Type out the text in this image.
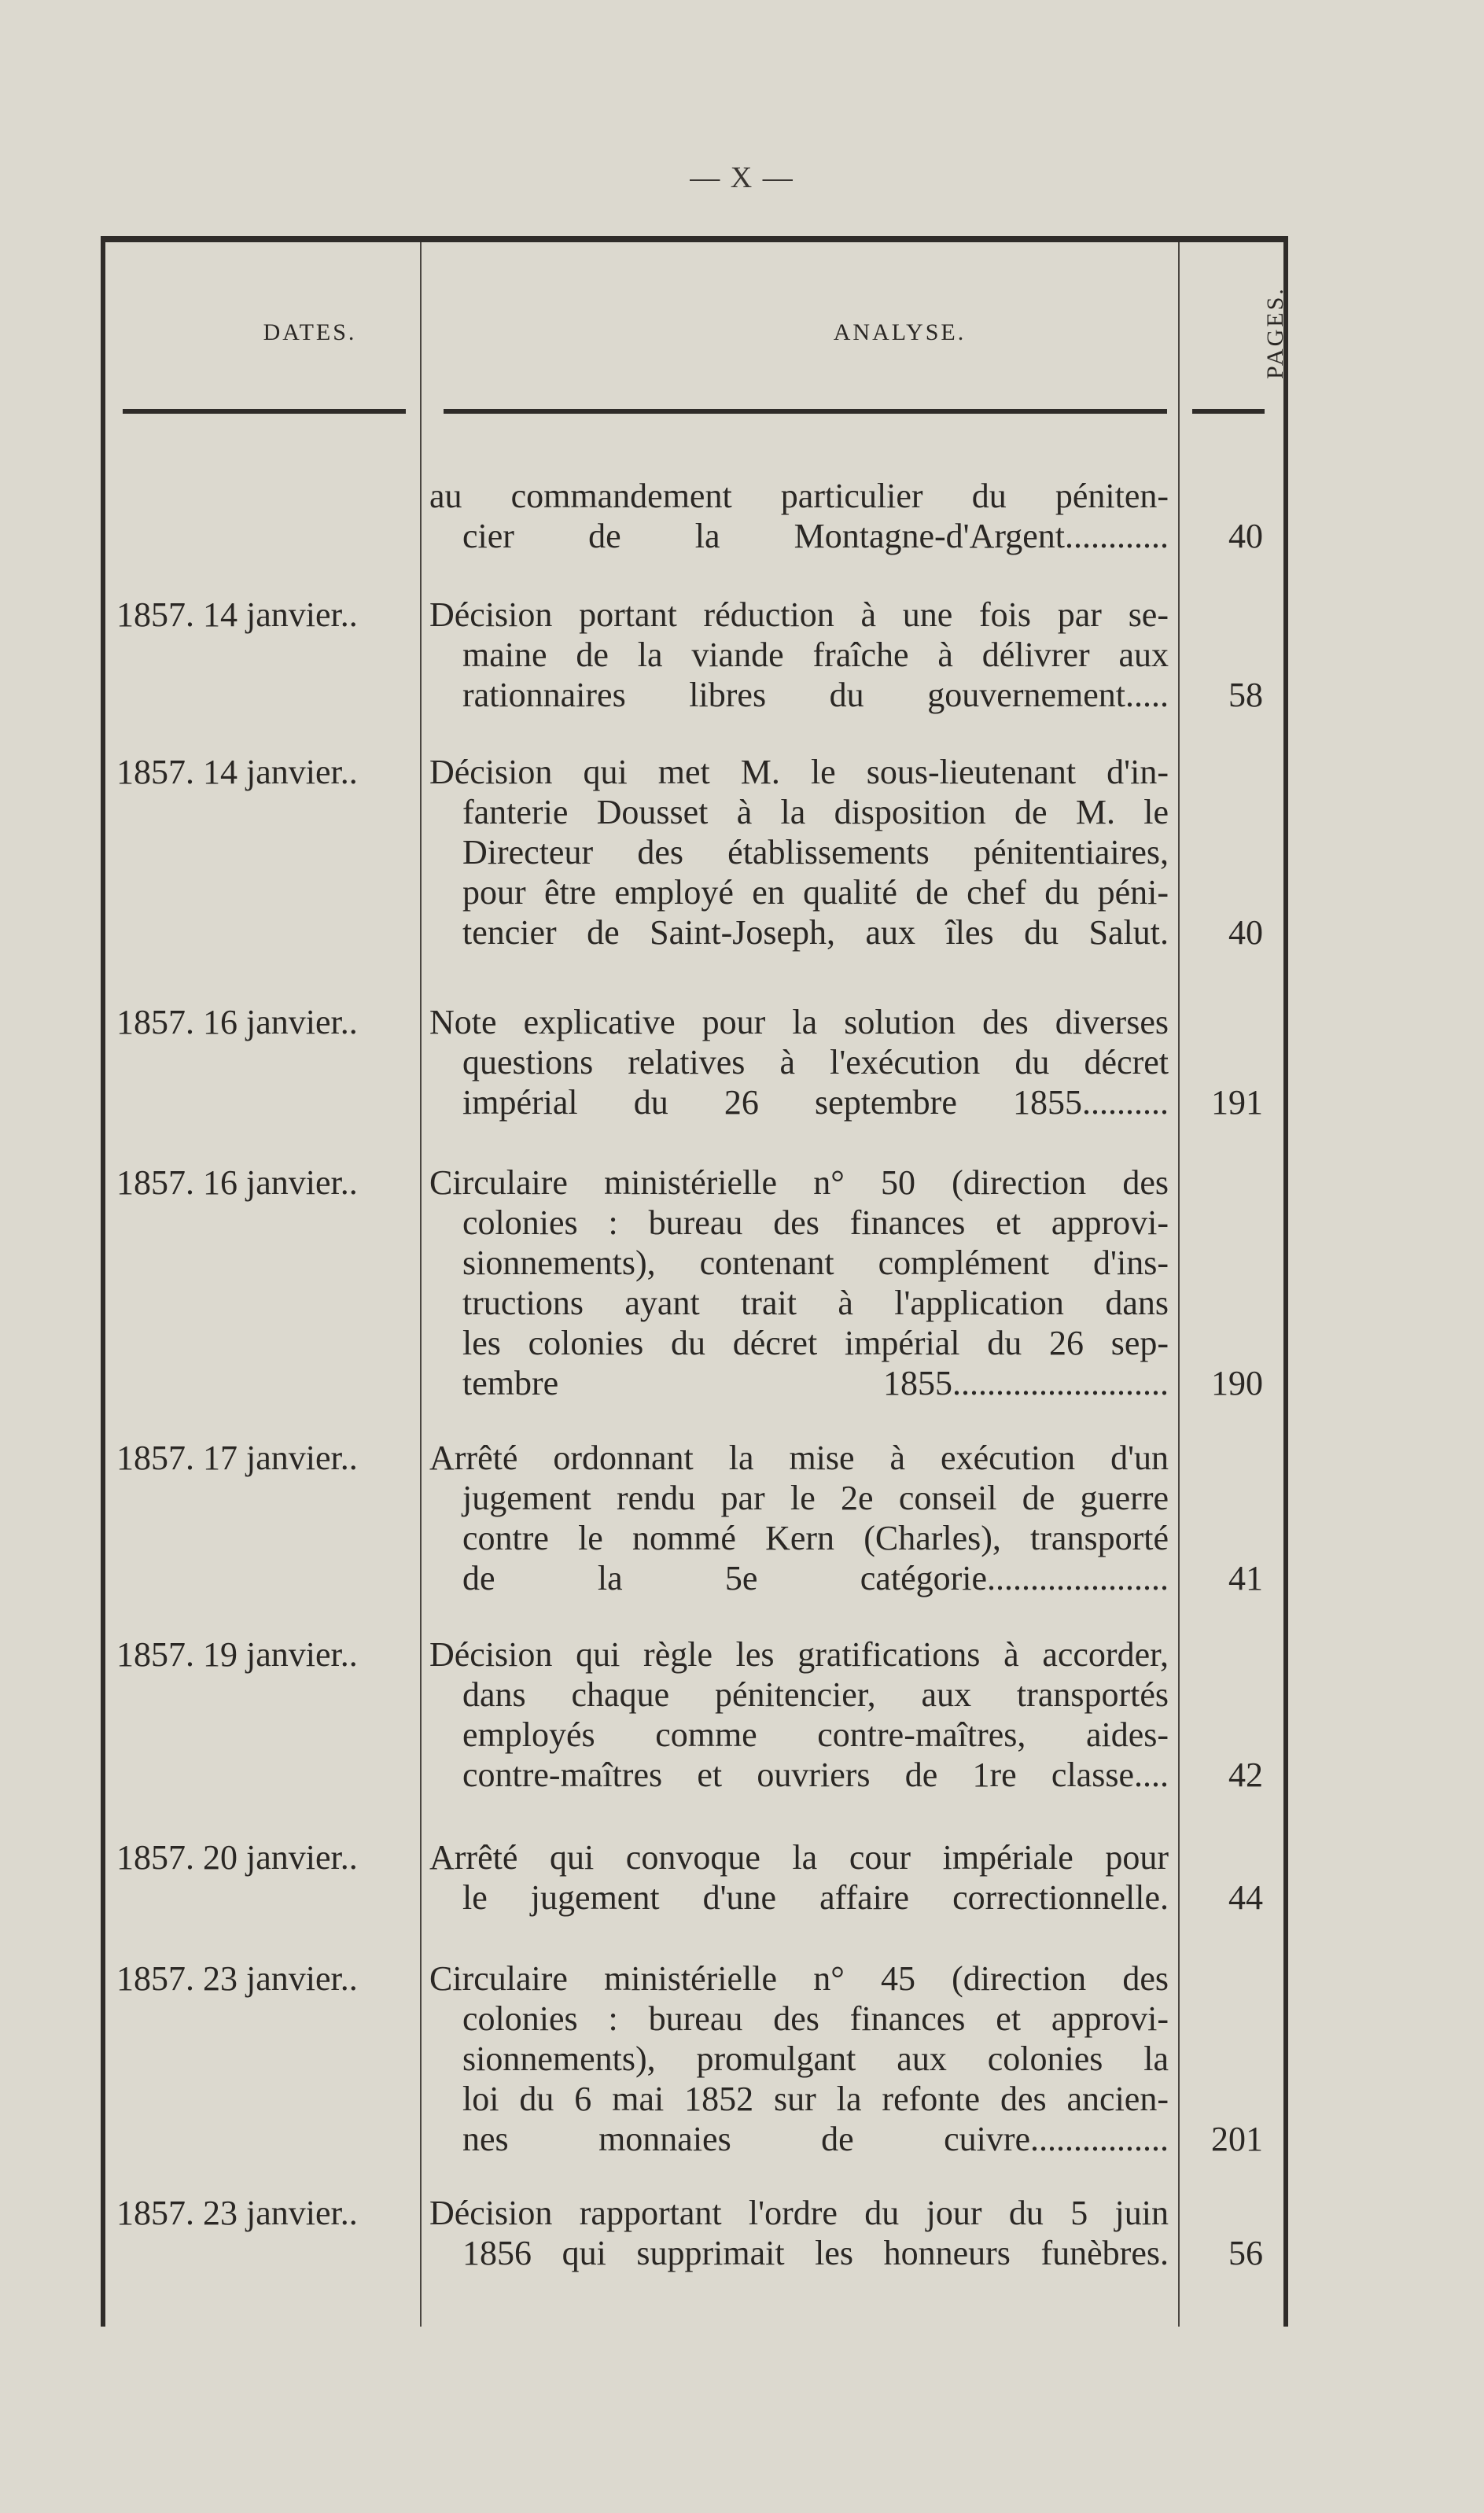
— X —
DATES.	ANALYSE.	PAGES.
au commandement particulier du péniten-
cier de la Montagne-d'Argent............	40
1857. 14 janvier.. Décision portant réduction à une fois par se-
maine de la viande fraîche à délivrer aux
rationnaires libres du gouvernement.....	58
1857. 14 janvier.. Décision qui met M. le sous-lieutenant d'in-
fanterie Dousset à la disposition de M. le
Directeur des établissements pénitentiaires,
pour être employé en qualité de chef du péni-
tencier de Saint-Joseph, aux îles du Salut.	40
1857. 16 janvier.. Note explicative pour la solution des diverses
questions relatives à l'exécution du décret
impérial du 26 septembre 1855..........	191
1857. 16 janvier.. Circulaire ministérielle n° 50 (direction des
colonies : bureau des finances et approvi-
sionnements), contenant complément d'ins-
tructions ayant trait à l'application dans
les colonies du décret impérial du 26 sep-
tembre 1855.........................	190
1857. 17 janvier.. Arrêté ordonnant la mise à exécution d'un
jugement rendu par le 2e conseil de guerre
contre le nommé Kern (Charles), transporté
de la 5e catégorie.....................	41
1857. 19 janvier.. Décision qui règle les gratifications à accorder,
dans chaque pénitencier, aux transportés
employés comme contre-maîtres, aides-
contre-maîtres et ouvriers de 1re classe....	42
1857. 20 janvier.. Arrêté qui convoque la cour impériale pour
le jugement d'une affaire correctionnelle.	44
1857. 23 janvier.. Circulaire ministérielle n° 45 (direction des
colonies : bureau des finances et approvi-
sionnements), promulgant aux colonies la
loi du 6 mai 1852 sur la refonte des ancien-
nes monnaies de cuivre................	201
1857. 23 janvier.. Décision rapportant l'ordre du jour du 5 juin
1856 qui supprimait les honneurs funèbres.	56
